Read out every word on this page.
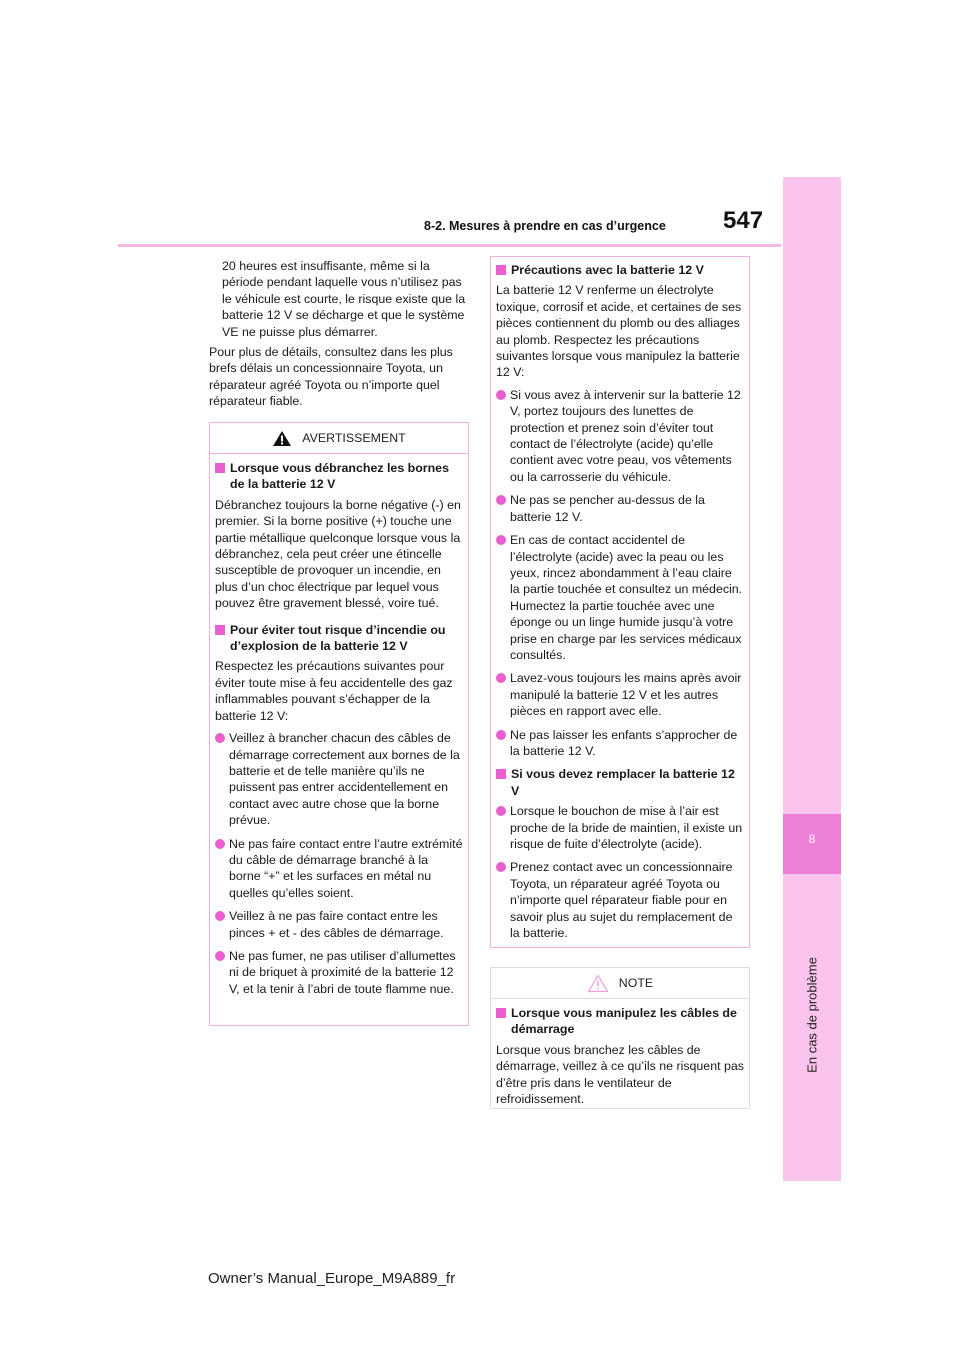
547
8-2. Mesures à prendre en cas d’urgence
8
En cas de problème

20 heures est insuffisante, même si la période pendant laquelle vous n’utilisez pas le véhicule est courte, le risque existe que la batterie 12 V se décharge et que le système VE ne puisse plus démarrer.

Pour plus de détails, consultez dans les plus brefs délais un concessionnaire Toyota, un réparateur agréé Toyota ou n’importe quel réparateur fiable.

AVERTISSEMENT
Lorsque vous débranchez les bornes de la batterie 12 V

Débranchez toujours la borne négative (-) en premier. Si la borne positive (+) touche une partie métallique quelconque lorsque vous la débranchez, cela peut créer une étincelle susceptible de provoquer un incendie, en plus d’un choc électrique par lequel vous pouvez être gravement blessé, voire tué.

Pour éviter tout risque d’incendie ou d’explosion de la batterie 12 V

Respectez les précautions suivantes pour éviter toute mise à feu accidentelle des gaz inflammables pouvant s’échapper de la batterie 12 V:

Veillez à brancher chacun des câbles de démarrage correctement aux bornes de la batterie et de telle manière qu’ils ne puissent pas entrer accidentellement en contact avec autre chose que la borne prévue.
Ne pas faire contact entre l’autre extrémité du câble de démarrage branché à la borne “+” et les surfaces en métal nu quelles qu’elles soient.
Veillez à ne pas faire contact entre les pinces + et - des câbles de démarrage.
Ne pas fumer, ne pas utiliser d’allumettes ni de briquet à proximité de la batterie 12 V, et la tenir à l’abri de toute flamme nue.
Précautions avec la batterie 12 V

La batterie 12 V renferme un électrolyte toxique, corrosif et acide, et certaines de ses pièces contiennent du plomb ou des alliages au plomb. Respectez les précautions suivantes lorsque vous manipulez la batterie 12 V:

Si vous avez à intervenir sur la batterie 12 V, portez toujours des lunettes de protection et prenez soin d’éviter tout contact de l’électrolyte (acide) qu’elle contient avec votre peau, vos vêtements ou la carrosserie du véhicule.
Ne pas se pencher au-dessus de la batterie 12 V.
En cas de contact accidentel de l’électrolyte (acide) avec la peau ou les yeux, rincez abondamment à l’eau claire la partie touchée et consultez un médecin. Humectez la partie touchée avec une éponge ou un linge humide jusqu’à votre prise en charge par les services médicaux consultés.
Lavez-vous toujours les mains après avoir manipulé la batterie 12 V et les autres pièces en rapport avec elle.
Ne pas laisser les enfants s’approcher de la batterie 12 V.
Si vous devez remplacer la batterie 12 V
Lorsque le bouchon de mise à l’air est proche de la bride de maintien, il existe un risque de fuite d’électrolyte (acide).
Prenez contact avec un concessionnaire Toyota, un réparateur agréé Toyota ou n’importe quel réparateur fiable pour en savoir plus au sujet du remplacement de la batterie.
NOTE
Lorsque vous manipulez les câbles de démarrage

Lorsque vous branchez les câbles de démarrage, veillez à ce qu’ils ne risquent pas d’être pris dans le ventilateur de refroidissement.

Owner’s Manual_Europe_M9A889_fr
